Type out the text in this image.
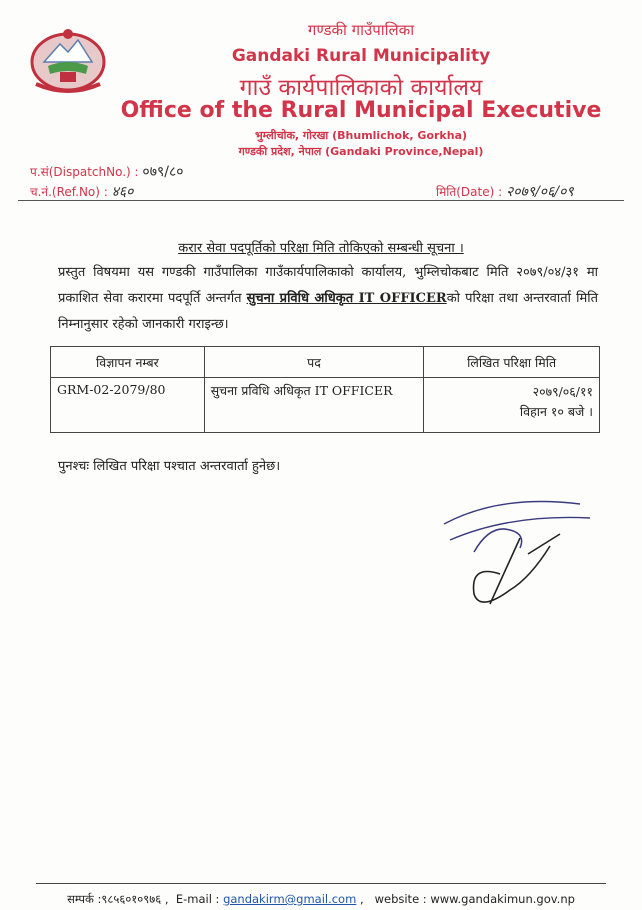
गण्डकी गाउँपालिका
Gandaki Rural Municipality
गाउँ कार्यपालिकाको कार्यालय
Office of the Rural Municipal Executive
भुम्लीचोक, गोरखा (Bhumlichok, Gorkha)
गण्डकी प्रदेश, नेपाल (Gandaki Province,Nepal)
प.सं(DispatchNo.) : ०७९/८०
च.नं.(Ref.No) : ४६०	मिति(Date) : २०७९/०६/०९
करार सेवा पदपूर्तिको परिक्षा मिति तोकिएको सम्बन्धी सूचना ।
प्रस्तुत विषयमा यस गण्डकी गाउँपालिका गाउँकार्यपालिकाको कार्यालय, भुम्लिचोकबाट मिति २०७९/०४/३१ मा प्रकाशित सेवा करारमा पदपूर्ति अन्तर्गत सुचना प्रविधि अधिकृत IT OFFICERको परिक्षा तथा अन्तरवार्ता मिति निम्नानुसार रहेको जानकारी गराइन्छ।
विज्ञापन नम्बर	पद	लिखित परिक्षा मिति
GRM-02-2079/80	सुचना प्रविधि अधिकृत IT OFFICER	२०७९/०६/११
विहान १० बजे ।
पुनश्चः लिखित परिक्षा पश्चात अन्तरवार्ता हुनेछ।
सम्पर्क :९८५६०१०९७६ , E-mail : gandakirm@gmail.com , website : www.gandakimun.gov.np
